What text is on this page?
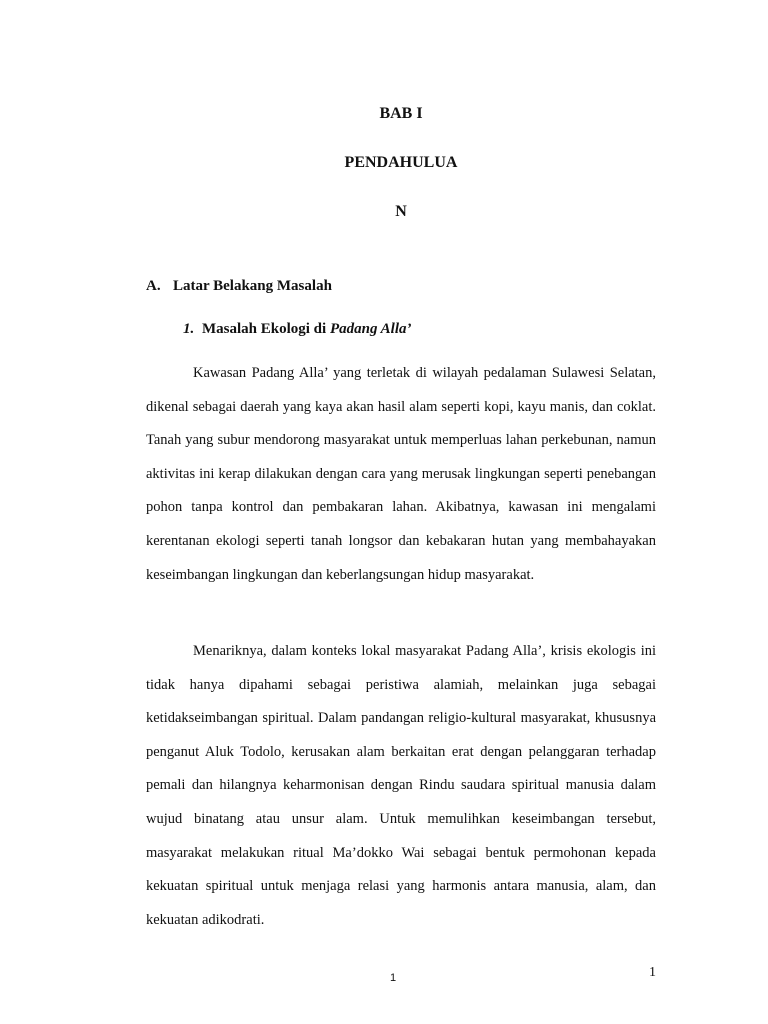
BAB I
PENDAHULUA
N
A. Latar Belakang Masalah
1. Masalah Ekologi di Padang Alla’

Kawasan Padang Alla’ yang terletak di wilayah pedalaman Sulawesi Selatan, dikenal sebagai daerah yang kaya akan hasil alam seperti kopi, kayu manis, dan coklat. Tanah yang subur mendorong masyarakat untuk memperluas lahan perkebunan, namun aktivitas ini kerap dilakukan dengan cara yang merusak lingkungan seperti penebangan pohon tanpa kontrol dan pembakaran lahan. Akibatnya, kawasan ini mengalami kerentanan ekologi seperti tanah longsor dan kebakaran hutan yang membahayakan keseimbangan lingkungan dan keberlangsungan hidup masyarakat.

Menariknya, dalam konteks lokal masyarakat Padang Alla’, krisis ekologis ini tidak hanya dipahami sebagai peristiwa alamiah, melainkan juga sebagai ketidakseimbangan spiritual. Dalam pandangan religio-kultural masyarakat, khususnya penganut Aluk Todolo, kerusakan alam berkaitan erat dengan pelanggaran terhadap pemali dan hilangnya keharmonisan dengan Rindu saudara spiritual manusia dalam wujud binatang atau unsur alam. Untuk memulihkan keseimbangan tersebut, masyarakat melakukan ritual Ma’dokko Wai sebagai bentuk permohonan kepada kekuatan spiritual untuk menjaga relasi yang harmonis antara manusia, alam, dan kekuatan adikodrati.

1	1
